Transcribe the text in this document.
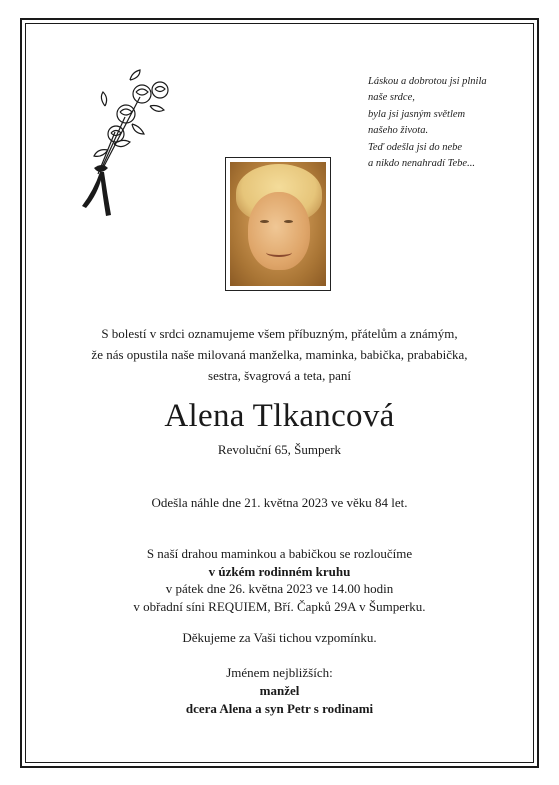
Láskou a dobrotou jsi plnila
naše srdce,
byla jsi jasným světlem
našeho života.
Teď odešla jsi do nebe
a nikdo nenahradí Tebe...
S bolestí v srdci oznamujeme všem příbuzným, přátelům a známým,
že nás opustila naše milovaná manželka, maminka, babička, prababička,
sestra, švagrová a teta, paní
Alena Tlkancová
Revoluční 65, Šumperk
Odešla náhle dne 21. května 2023 ve věku 84 let.
S naší drahou maminkou a babičkou se rozloučíme
v úzkém rodinném kruhu
v pátek dne 26. května 2023 ve 14.00 hodin
v obřadní síni REQUIEM, Bří. Čapků 29A v Šumperku.
Děkujeme za Vaši tichou vzpomínku.
Jménem nejbližších:
manžel
dcera Alena a syn Petr s rodinami
